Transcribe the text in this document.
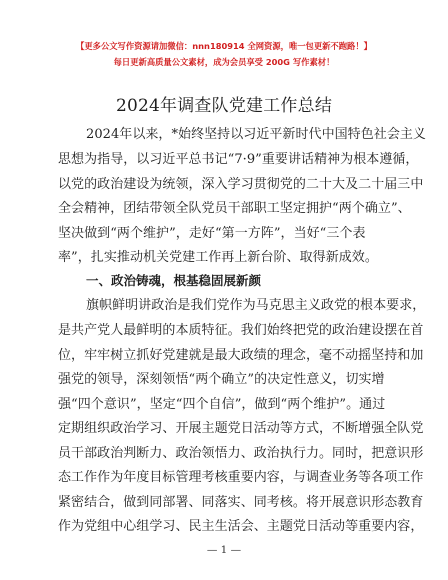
【更多公文写作资源请加微信：nnn180914 全网资源，唯一包更新不跑路！】
每日更新高质量公文素材，成为会员享受 200G 写作素材！
2024年调查队党建工作总结
2024年以来，*始终坚持以习近平新时代中国特色社会主义
思想为指导，以习近平总书记“7·9”重要讲话精神为根本遵循，
以党的政治建设为统领，深入学习贯彻党的二十大及二十届三中
全会精神，团结带领全队党员干部职工坚定拥护“两个确立”、
坚决做到“两个维护”，走好“第一方阵”，当好“三个表
率”，扎实推动机关党建工作再上新台阶、取得新成效。
一、政治铸魂，根基稳固展新颜
旗帜鲜明讲政治是我们党作为马克思主义政党的根本要求，
是共产党人最鲜明的本质特征。我们始终把党的政治建设摆在首
位，牢牢树立抓好党建就是最大政绩的理念，毫不动摇坚持和加
强党的领导，深刻领悟“两个确立”的决定性意义，切实增
强“四个意识”，坚定“四个自信”，做到“两个维护”。通过
定期组织政治学习、开展主题党日活动等方式，不断增强全队党
员干部政治判断力、政治领悟力、政治执行力。同时，把意识形
态工作作为年度目标管理考核重要内容，与调查业务等各项工作
紧密结合，做到同部署、同落实、同考核。将开展意识形态教育
作为党组中心组学习、民主生活会、主题党日活动等重要内容，
— 1 —
